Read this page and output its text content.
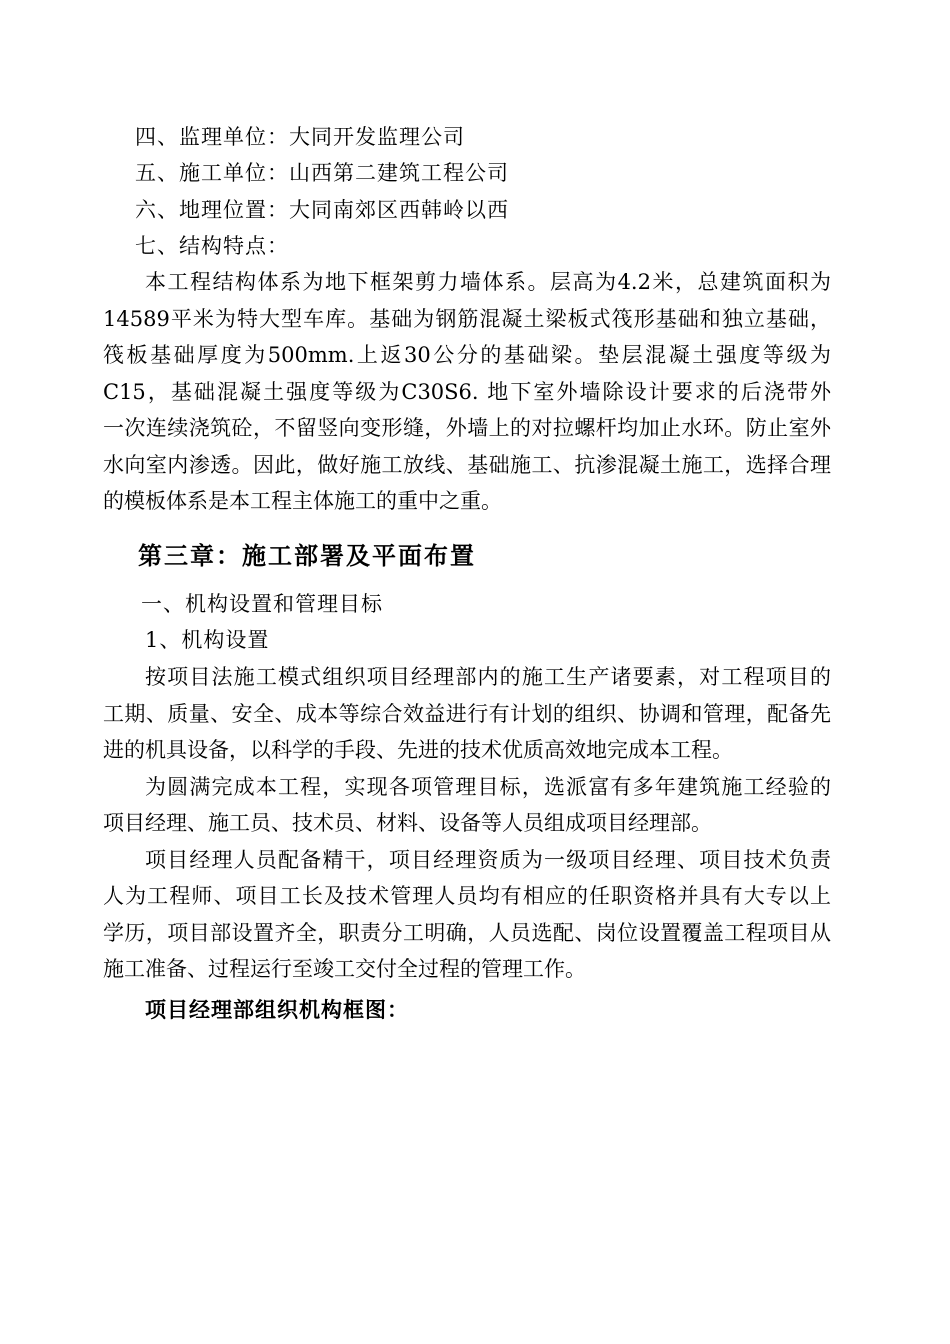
四、监理单位：大同开发监理公司
五、施工单位：山西第二建筑工程公司
六、地理位置：大同南郊区西韩岭以西
七、结构特点：
本工程结构体系为地下框架剪力墙体系。层高为4.2米，总建筑面积为
14589平米为特大型车库。基础为钢筋混凝土梁板式筏形基础和独立基础，
筏板基础厚度为500mm.上返30公分的基础梁。垫层混凝土强度等级为
C15，基础混凝土强度等级为C30S6. 地下室外墙除设计要求的后浇带外
一次连续浇筑砼，不留竖向变形缝，外墙上的对拉螺杆均加止水环。防止室外
水向室内渗透。因此，做好施工放线、基础施工、抗渗混凝土施工，选择合理
的模板体系是本工程主体施工的重中之重。
第三章：施工部署及平面布置
一、机构设置和管理目标
1、机构设置
按项目法施工模式组织项目经理部内的施工生产诸要素，对工程项目的
工期、质量、安全、成本等综合效益进行有计划的组织、协调和管理，配备先
进的机具设备，以科学的手段、先进的技术优质高效地完成本工程。
为圆满完成本工程，实现各项管理目标，选派富有多年建筑施工经验的
项目经理、施工员、技术员、材料、设备等人员组成项目经理部。
项目经理人员配备精干，项目经理资质为一级项目经理、项目技术负责
人为工程师、项目工长及技术管理人员均有相应的任职资格并具有大专以上
学历，项目部设置齐全，职责分工明确，人员选配、岗位设置覆盖工程项目从
施工准备、过程运行至竣工交付全过程的管理工作。
项目经理部组织机构框图：
